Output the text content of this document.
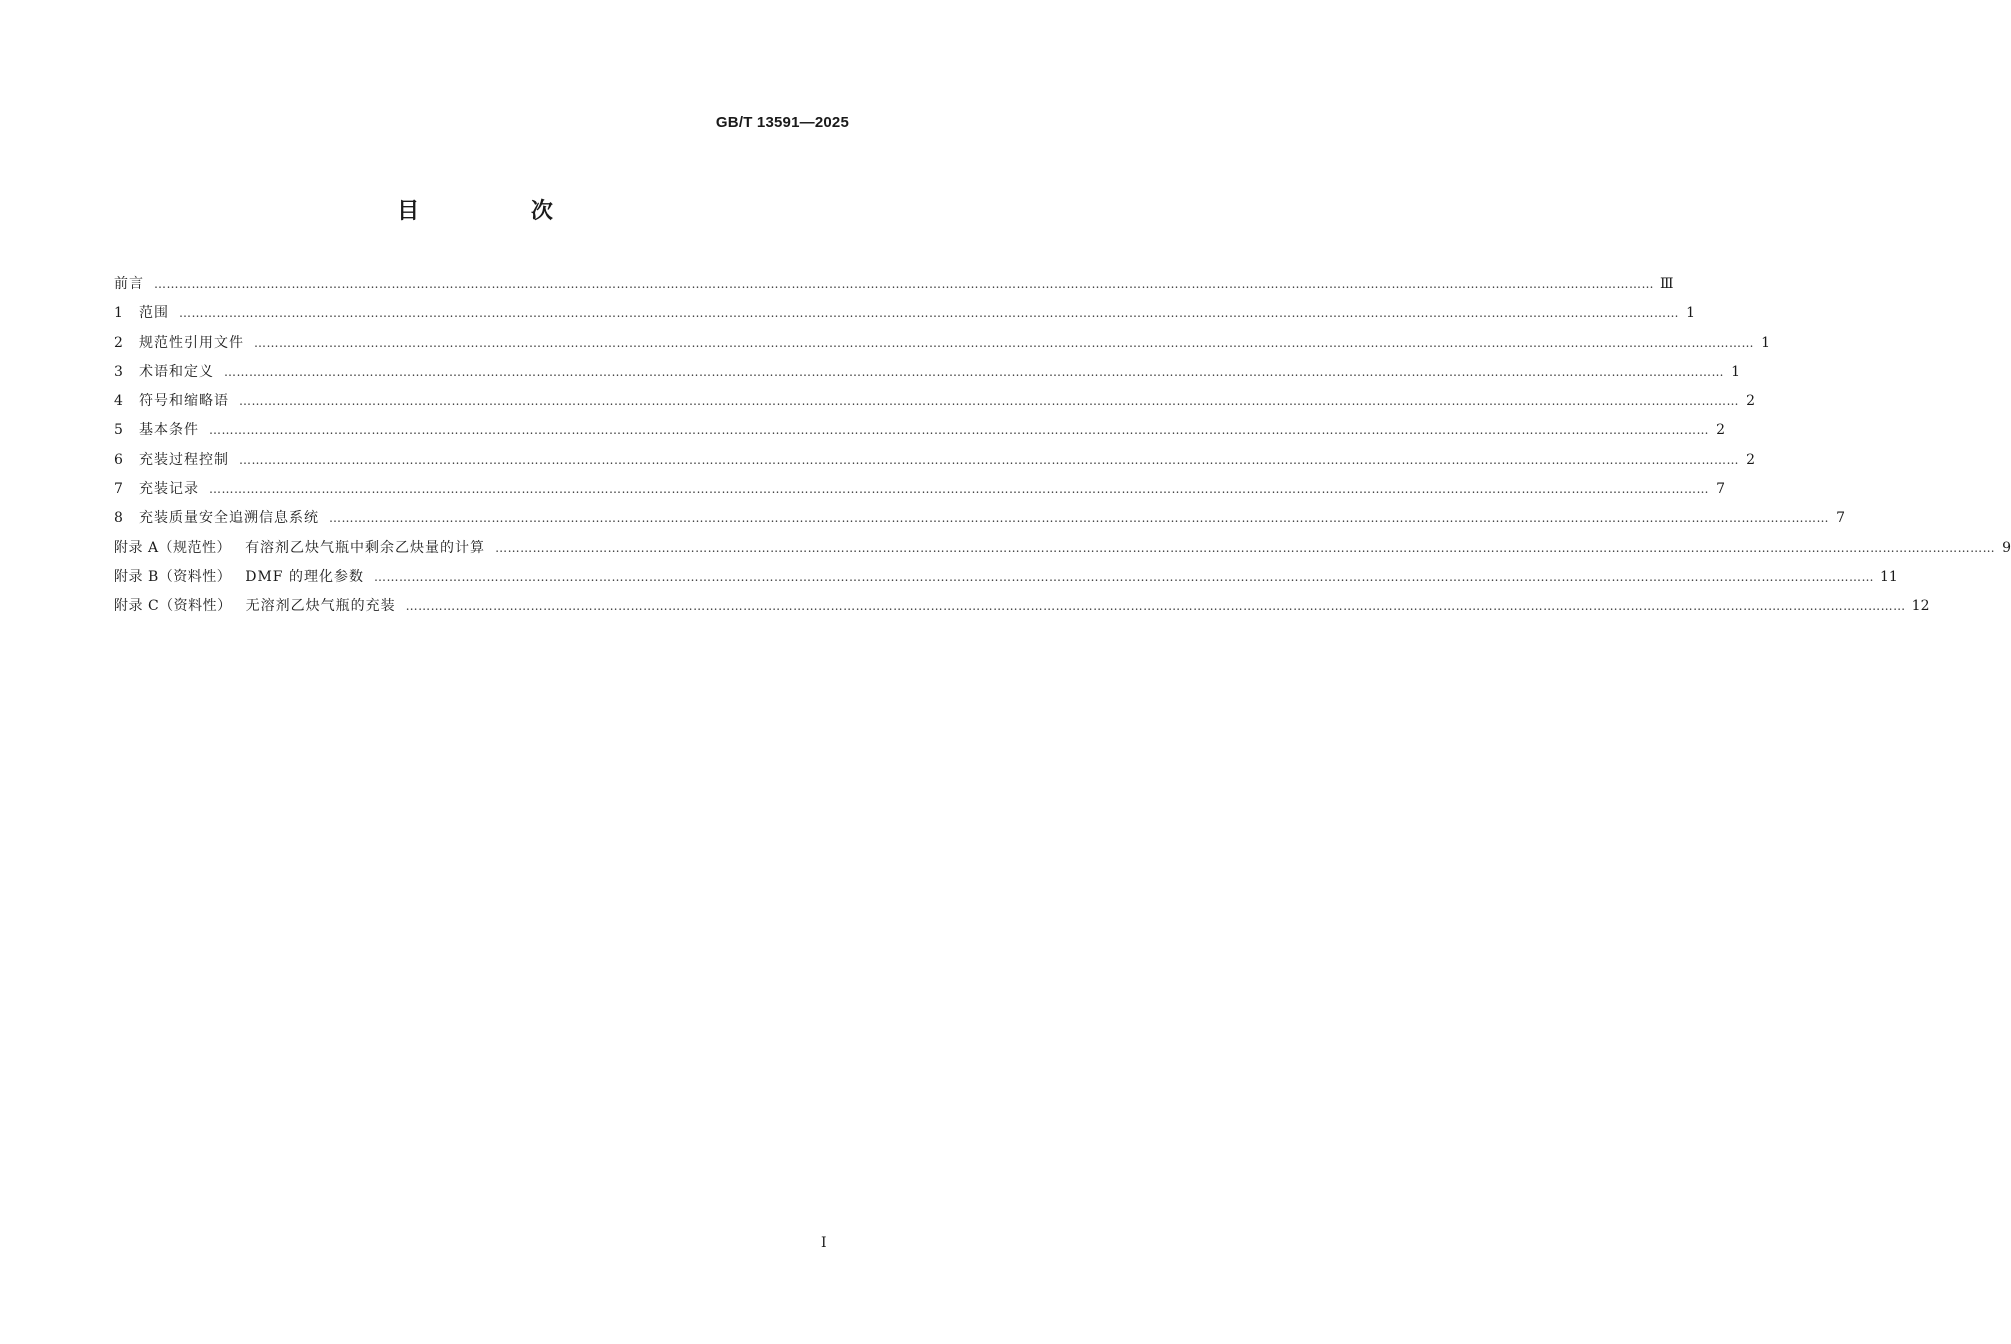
GB/T 13591—2025
目 次
前言 ……………………………………………………………………………………………………………………………………………………………………………………………………………………………………………………………………………………………………………………………… Ⅲ
1	范围 ……………………………………………………………………………………………………………………………………………………………………………………………………………………………………………………………………………………………………………………………… 1
2	规范性引用文件 ……………………………………………………………………………………………………………………………………………………………………………………………………………………………………………………………………………………………………………………………… 1
3	术语和定义 ……………………………………………………………………………………………………………………………………………………………………………………………………………………………………………………………………………………………………………………………… 1
4	符号和缩略语 ……………………………………………………………………………………………………………………………………………………………………………………………………………………………………………………………………………………………………………………………… 2
5	基本条件 ……………………………………………………………………………………………………………………………………………………………………………………………………………………………………………………………………………………………………………………………… 2
6	充装过程控制 ……………………………………………………………………………………………………………………………………………………………………………………………………………………………………………………………………………………………………………………………… 2
7	充装记录 ……………………………………………………………………………………………………………………………………………………………………………………………………………………………………………………………………………………………………………………………… 7
8	充装质量安全追溯信息系统 ……………………………………………………………………………………………………………………………………………………………………………………………………………………………………………………………………………………………………………………………… 7
附录 A（规范性） 有溶剂乙炔气瓶中剩余乙炔量的计算 ……………………………………………………………………………………………………………………………………………………………………………………………………………………………………………………………………………………………………………………………… 9
附录 B（资料性） DMF 的理化参数 ……………………………………………………………………………………………………………………………………………………………………………………………………………………………………………………………………………………………………………………………… 11
附录 C（资料性） 无溶剂乙炔气瓶的充装 ……………………………………………………………………………………………………………………………………………………………………………………………………………………………………………………………………………………………………………………………… 12
I
